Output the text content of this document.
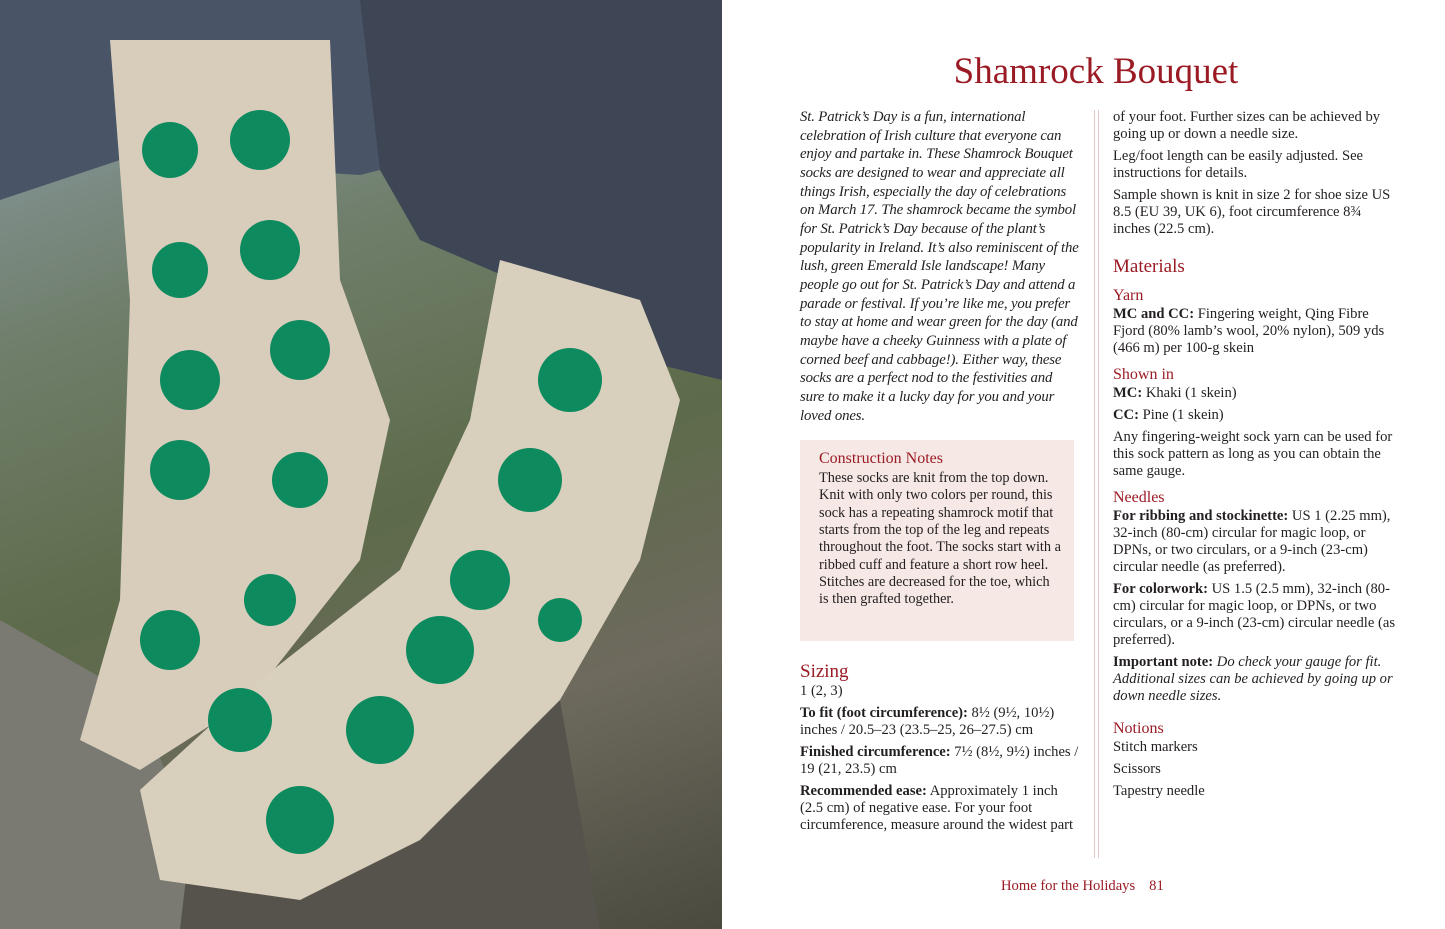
Shamrock Bouquet

St. Patrick’s Day is a fun, international celebration of Irish culture that everyone can enjoy and partake in. These Shamrock Bouquet socks are designed to wear and appreciate all things Irish, especially the day of celebrations on March 17. The shamrock became the symbol for St. Patrick’s Day because of the plant’s popularity in Ireland. It’s also reminiscent of the lush, green Emerald Isle landscape! Many people go out for St. Patrick’s Day and attend a parade or festival. If you’re like me, you prefer to stay at home and wear green for the day (and maybe have a cheeky Guinness with a plate of corned beef and cabbage!). Either way, these socks are a perfect nod to the festivities and sure to make it a lucky day for you and your loved ones.

Construction Notes

These socks are knit from the top down. Knit with only two colors per round, this sock has a repeating shamrock motif that starts from the top of the leg and repeats throughout the foot. The socks start with a ribbed cuff and feature a short row heel. Stitches are decreased for the toe, which is then grafted together.

Sizing

1 (2, 3)

To fit (foot circumference): 8½ (9½, 10½) inches / 20.5–23 (23.5–25, 26–27.5) cm

Finished circumference: 7½ (8½, 9½) inches / 19 (21, 23.5) cm

Recommended ease: Approximately 1 inch (2.5 cm) of negative ease. For your foot circumference, measure around the widest part

of your foot. Further sizes can be achieved by going up or down a needle size.

Leg/foot length can be easily adjusted. See instructions for details.

Sample shown is knit in size 2 for shoe size US 8.5 (EU 39, UK 6), foot circumference 8¾ inches (22.5 cm).

Materials
Yarn

MC and CC: Fingering weight, Qing Fibre Fjord (80% lamb’s wool, 20% nylon), 509 yds (466 m) per 100-g skein

Shown in

MC: Khaki (1 skein)

CC: Pine (1 skein)

Any fingering-weight sock yarn can be used for this sock pattern as long as you can obtain the same gauge.

Needles

For ribbing and stockinette: US 1 (2.25 mm), 32-inch (80-cm) circular for magic loop, or DPNs, or two circulars, or a 9-inch (23-cm) circular needle (as preferred).

For colorwork: US 1.5 (2.5 mm), 32-inch (80-cm) circular for magic loop, or DPNs, or two circulars, or a 9-inch (23-cm) circular needle (as preferred).

Important note: Do check your gauge for fit. Additional sizes can be achieved by going up or down needle sizes.

Notions

Stitch markers

Scissors

Tapestry needle

Home for the Holidays 81
